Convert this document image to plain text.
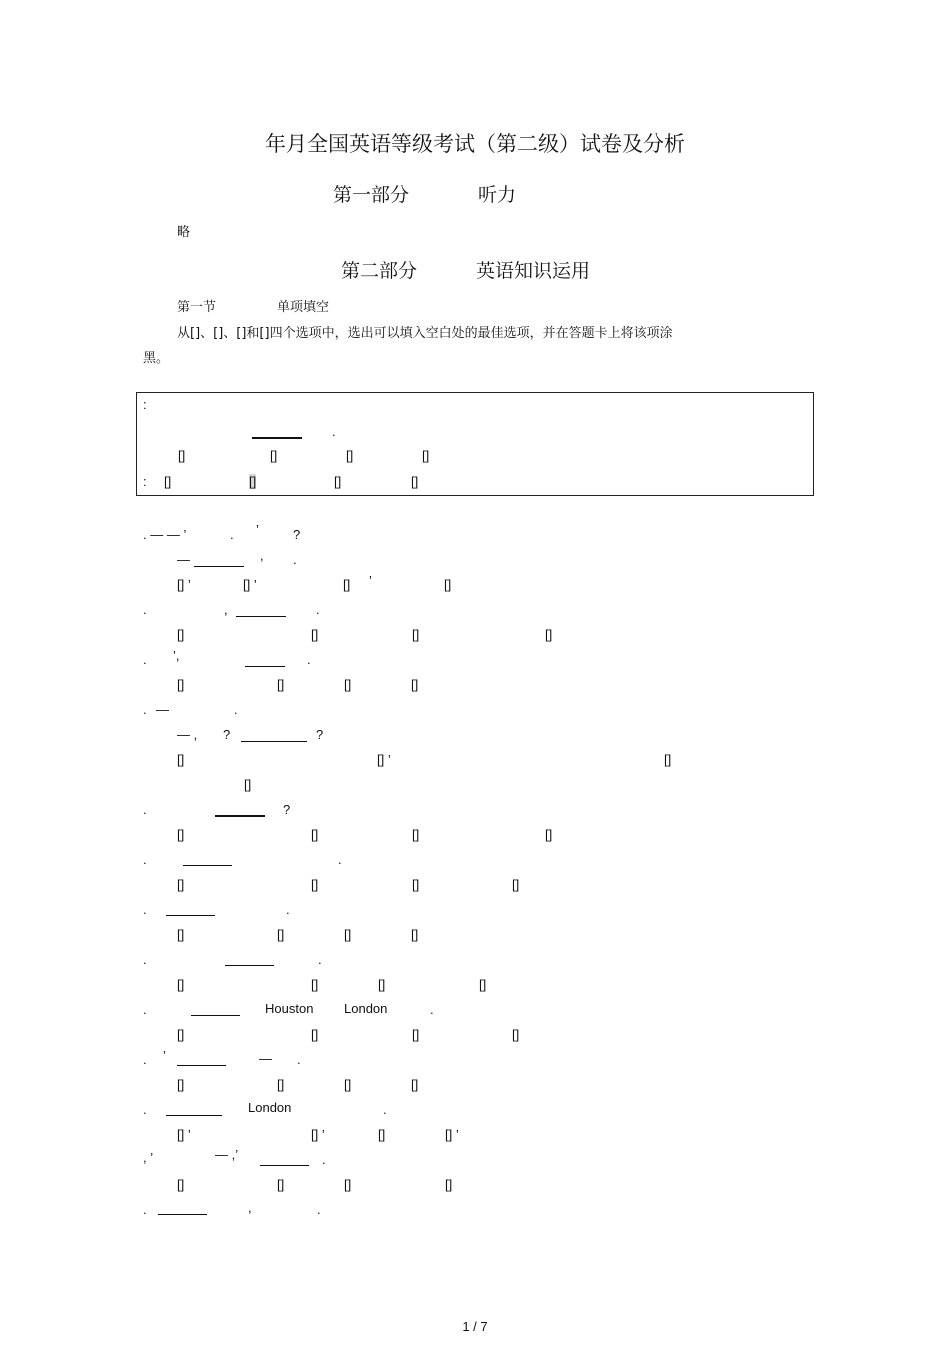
年月全国英语等级考试（第二级）试卷及分析
第一部分	听力
略
第二部分	英语知识运用
第一节	单项填空
从[]、[]、[]和[]四个选项中，选出可以填入空白处的最佳选项，并在答题卡上将该项涂
黑。
:
.
[]	[]	[]	[]
: []	[]	[]	[]
. — — ’	. ’	?
—	, .
[] ’	[] ’	[] ’	[]
.	,	.
[]	[]	[]	[]
. ’,	.
[]	[]	[]	[]
. —	.
— , ?	?
[]	[] ’	[]
[]
.	?
[]	[]	[]	[]
.	.
[]	[]	[]	[]
.	.
[]	[]	[]	[]
.	.
[]	[]	[]	[]
.	Houston London	.
[]	[]	[]	[]
. ’	— .
[]	[]	[]	[]
.	London	.
[] ’	[] ’	[]	[] ’
, ’	— ,’	.
[]	[]	[]	[]
.	,	.
1 / 7
